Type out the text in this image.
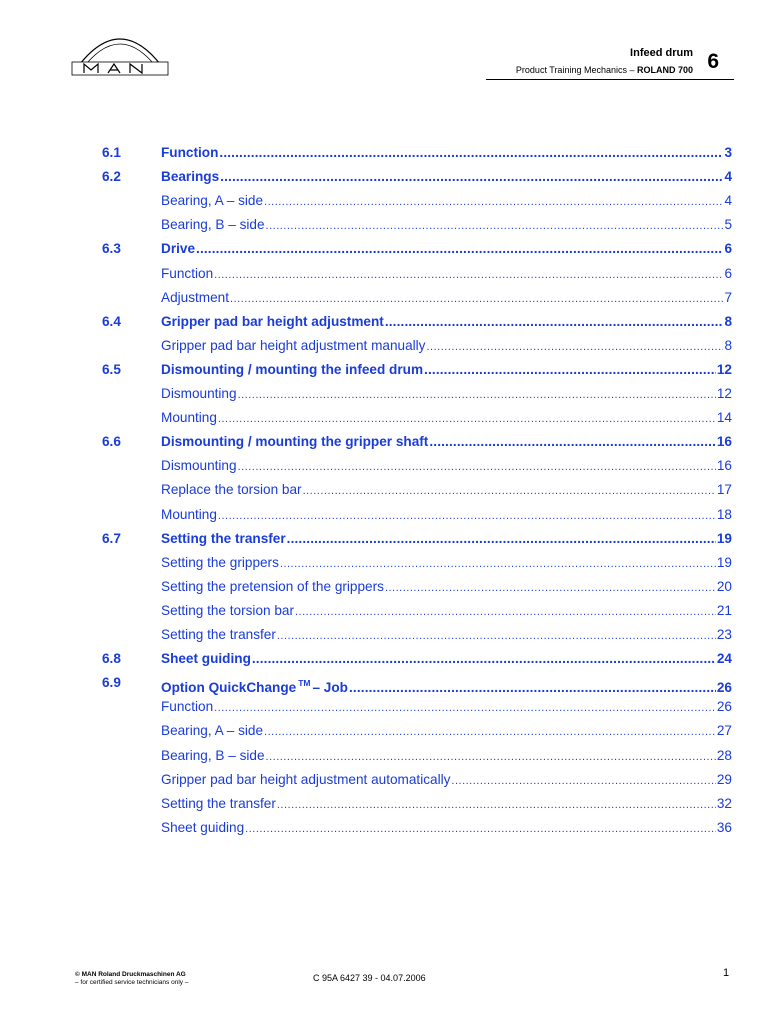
Infeed drum
Product Training Mechanics – ROLAND 700 6
6.1	Function .....	3
6.2	Bearings .....	4
Bearing, A – side .....	4
Bearing, B – side .....	5
6.3	Drive .....	6
Function .....	6
Adjustment .....	7
6.4	Gripper pad bar height adjustment .....	8
Gripper pad bar height adjustment manually .....	8
6.5	Dismounting / mounting the infeed drum .....	12
Dismounting .....	12
Mounting .....	14
6.6	Dismounting / mounting the gripper shaft .....	16
Dismounting .....	16
Replace the torsion bar .....	17
Mounting .....	18
6.7	Setting the transfer .....	19
Setting the grippers .....	19
Setting the pretension of the grippers .....	20
Setting the torsion bar .....	21
Setting the transfer .....	23
6.8	Sheet guiding .....	24
6.9	Option QuickChange ™ – Job .....	26
Function .....	26
Bearing, A – side .....	27
Bearing, B – side .....	28
Gripper pad bar height adjustment automatically .....	29
Setting the transfer .....	32
Sheet guiding .....	36
© MAN Roland Druckmaschinen AG
– for certified service technicians only –	C 95A 6427 39 - 04.07.2006	1
